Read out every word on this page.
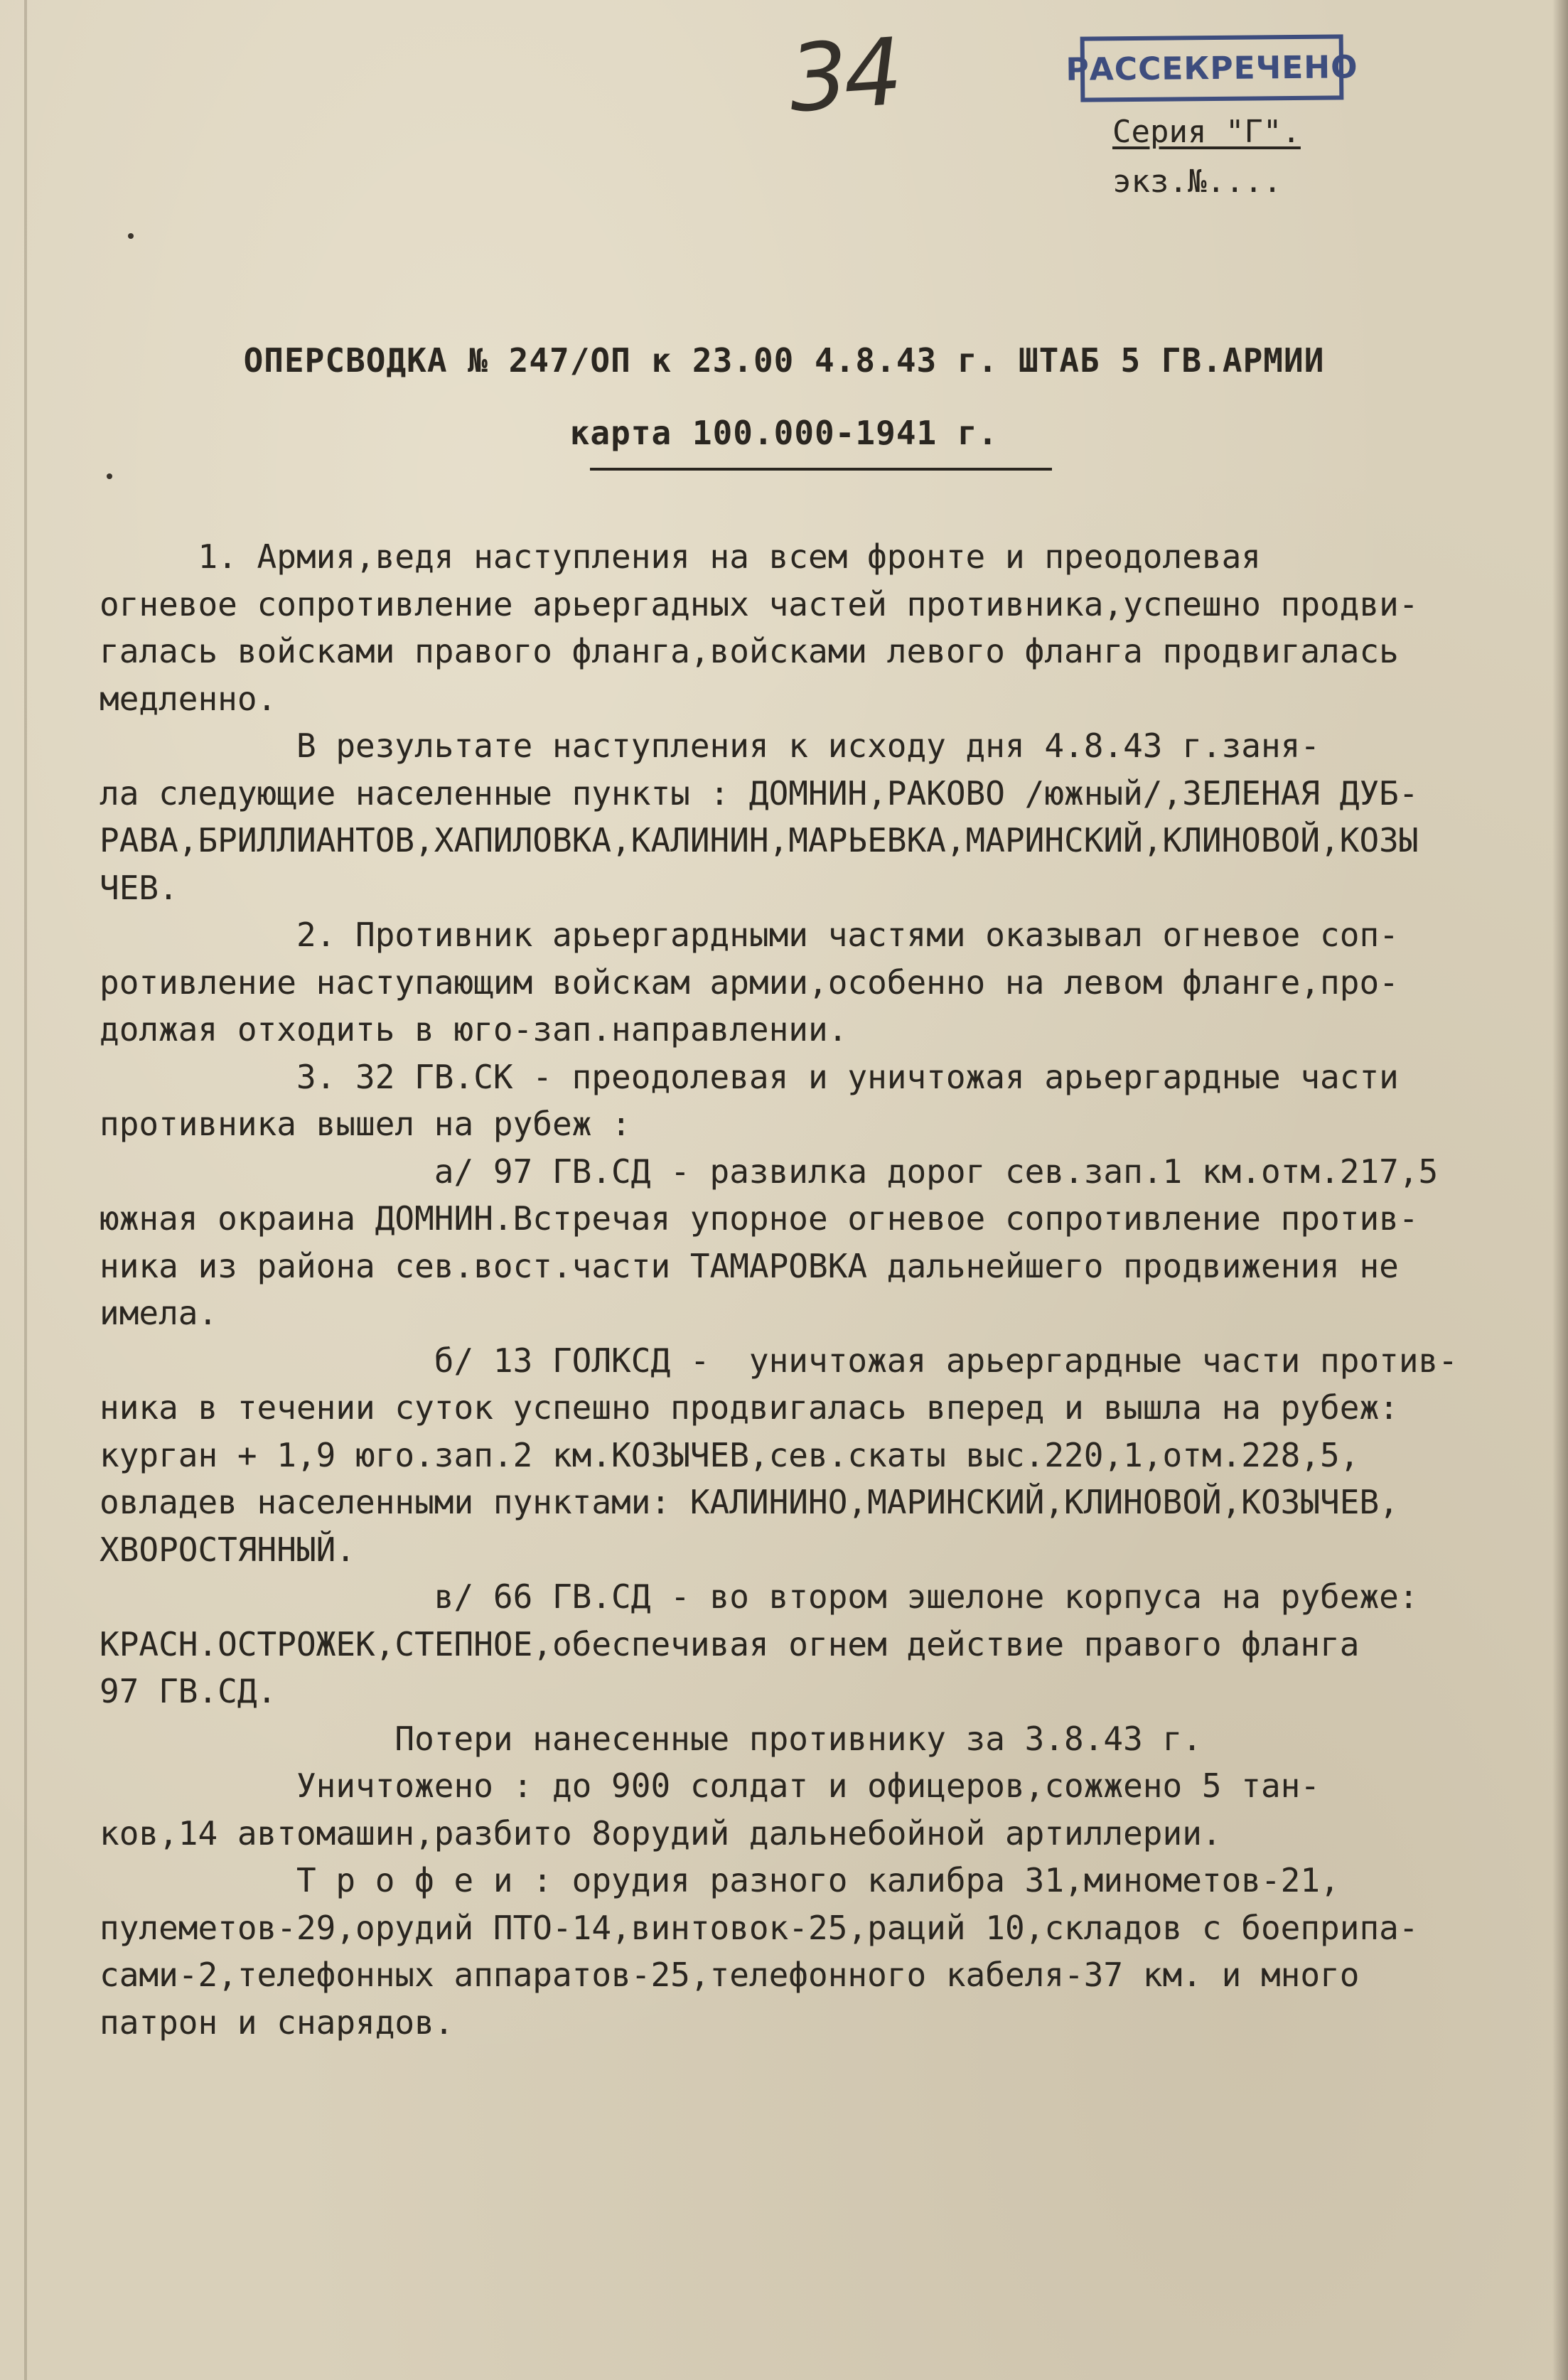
34	РАССЕКРЕЧЕНО
Серия "Г".
экз.№....
ОПЕРСВОДКА № 247/ОП к 23.00 4.8.43 г. ШТАБ 5 ГВ.АРМИИ
карта 100.000-1941 г.
1. Армия,ведя наступления на всем фронте и преодолевая
огневое сопротивление арьергадных частей противника,успешно продви-
галась войсками правого фланга,войсками левого фланга продвигалась
медленно.
В результате наступления к исходу дня 4.8.43 г.заня-
ла следующие населенные пункты : ДОМНИН,РАКОВО /южный/,ЗЕЛЕНАЯ ДУБ-
РАВА,БРИЛЛИАНТОВ,ХАПИЛОВКА,КАЛИНИН,МАРЬЕВКА,МАРИНСКИЙ,КЛИНОВОЙ,КОЗЫ
ЧЕВ.
2. Противник арьергардными частями оказывал огневое соп-
ротивление наступающим войскам армии,особенно на левом фланге,про-
должая отходить в юго-зап.направлении.
3. 32 ГВ.СК - преодолевая и уничтожая арьергардные части
противника вышел на рубеж :
а/ 97 ГВ.СД - развилка дорог сев.зап.1 км.отм.217,5
южная окраина ДОМНИН.Встречая упорное огневое сопротивление против-
ника из района сев.вост.части ТАМАРОВКА дальнейшего продвижения не
имела.
б/ 13 ГОЛКСД -  уничтожая арьергардные части против-
ника в течении суток успешно продвигалась вперед и вышла на рубеж:
курган + 1,9 юго.зап.2 км.КОЗЫЧЕВ,сев.скаты выс.220,1,отм.228,5,
овладев населенными пунктами: КАЛИНИНО,МАРИНСКИЙ,КЛИНОВОЙ,КОЗЫЧЕВ,
ХВОРОСТЯННЫЙ.
в/ 66 ГВ.СД - во втором эшелоне корпуса на рубеже:
КРАСН.ОСТРОЖЕК,СТЕПНОЕ,обеспечивая огнем действие правого фланга
97 ГВ.СД.
Потери нанесенные противнику за 3.8.43 г.
Уничтожено : до 900 солдат и офицеров,сожжено 5 тан-
ков,14 автомашин,разбито 8орудий дальнебойной артиллерии.
Т р о ф е и : орудия разного калибра 31,минометов-21,
пулеметов-29,орудий ПТО-14,винтовок-25,раций 10,складов с боеприпа-
сами-2,телефонных аппаратов-25,телефонного кабеля-37 км. и много
патрон и снарядов.
